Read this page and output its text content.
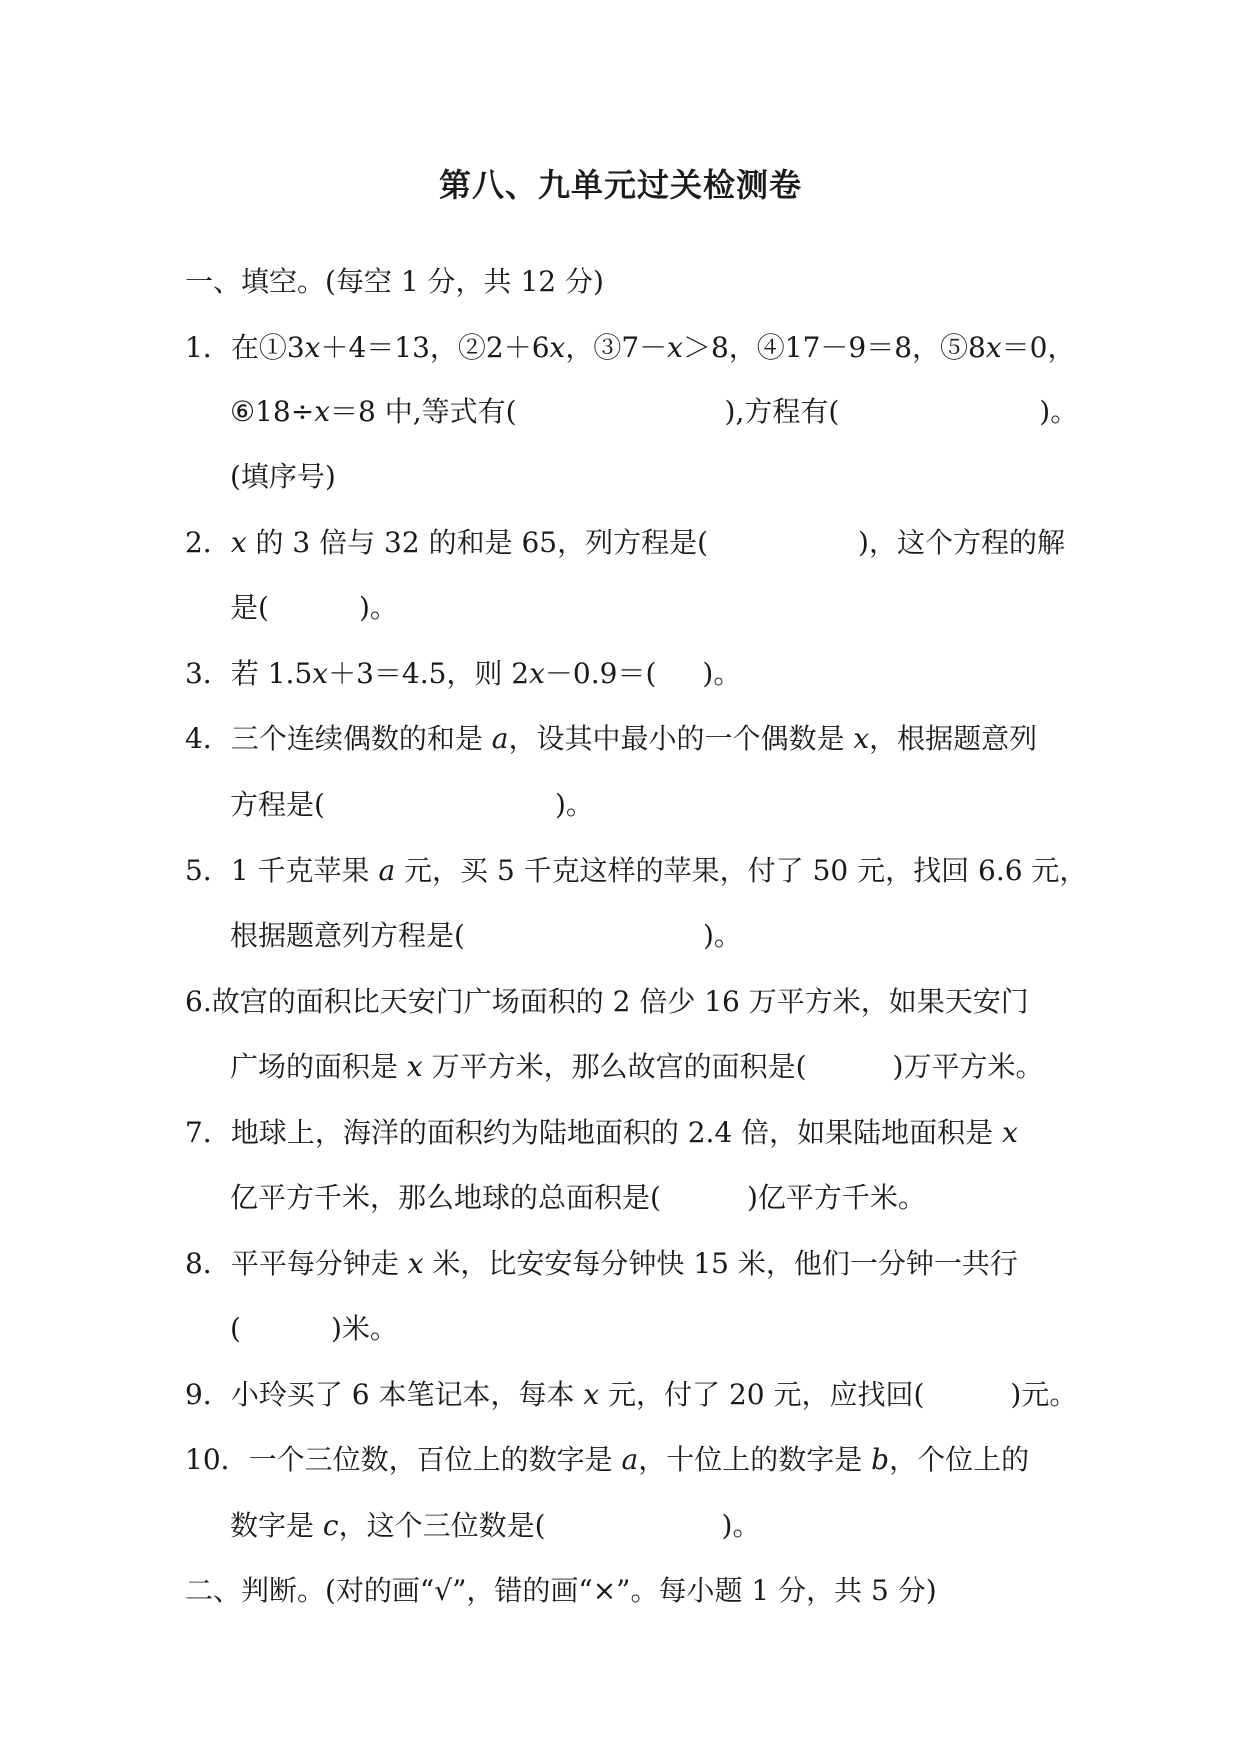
第八、九单元过关检测卷
一、填空。(每空 1 分，共 12 分)
1．在①3x＋4＝13，②2＋6x，③7－x＞8，④17－9＝8，⑤8x＝0，
⑥18÷x＝8 中,等式有(	),方程有(	)。
(填序号)
2．x 的 3 倍与 32 的和是 65，列方程是(	)，这个方程的解
是(	)。
3．若 1.5x＋3＝4.5，则 2x－0.9＝( )。
4．三个连续偶数的和是 a，设其中最小的一个偶数是 x，根据题意列
方程是(	)。
5．1 千克苹果 a 元，买 5 千克这样的苹果，付了 50 元，找回 6.6 元，
根据题意列方程是(	)。
6.故宫的面积比天安门广场面积的 2 倍少 16 万平方米，如果天安门
广场的面积是 x 万平方米，那么故宫的面积是(	)万平方米。
7．地球上，海洋的面积约为陆地面积的 2.4 倍，如果陆地面积是 x
亿平方千米，那么地球的总面积是(	)亿平方千米。
8．平平每分钟走 x 米，比安安每分钟快 15 米，他们一分钟一共行
(	)米。
9．小玲买了 6 本笔记本，每本 x 元，付了 20 元，应找回(	)元。
10．一个三位数，百位上的数字是 a，十位上的数字是 b，个位上的
数字是 c，这个三位数是(	)。
二、判断。(对的画“√”，错的画“×”。每小题 1 分，共 5 分)
